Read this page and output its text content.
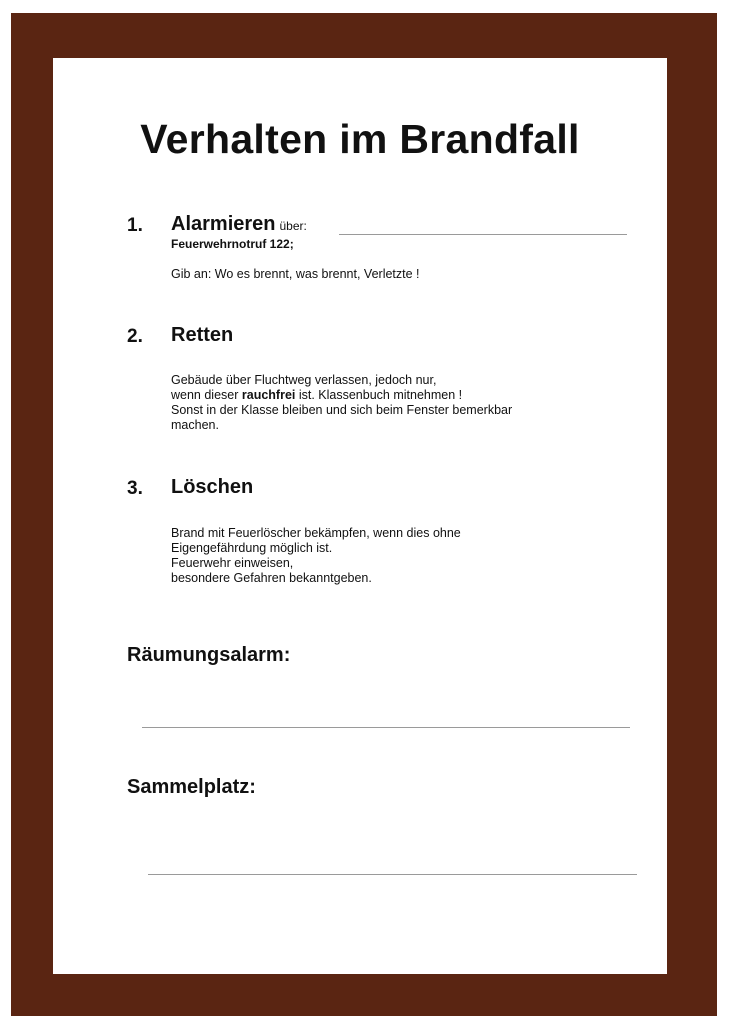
Verhalten im Brandfall
1. Alarmieren über:
Feuerwehrnotruf 122;
Gib an: Wo es brennt, was brennt, Verletzte !
2. Retten
Gebäude über Fluchtweg verlassen, jedoch nur,
wenn dieser rauchfrei ist. Klassenbuch mitnehmen !
Sonst in der Klasse bleiben und sich beim Fenster bemerkbar
machen.
3. Löschen
Brand mit Feuerlöscher bekämpfen, wenn dies ohne
Eigengefährdung möglich ist.
Feuerwehr einweisen,
besondere Gefahren bekanntgeben.
Räumungsalarm:
Sammelplatz:
